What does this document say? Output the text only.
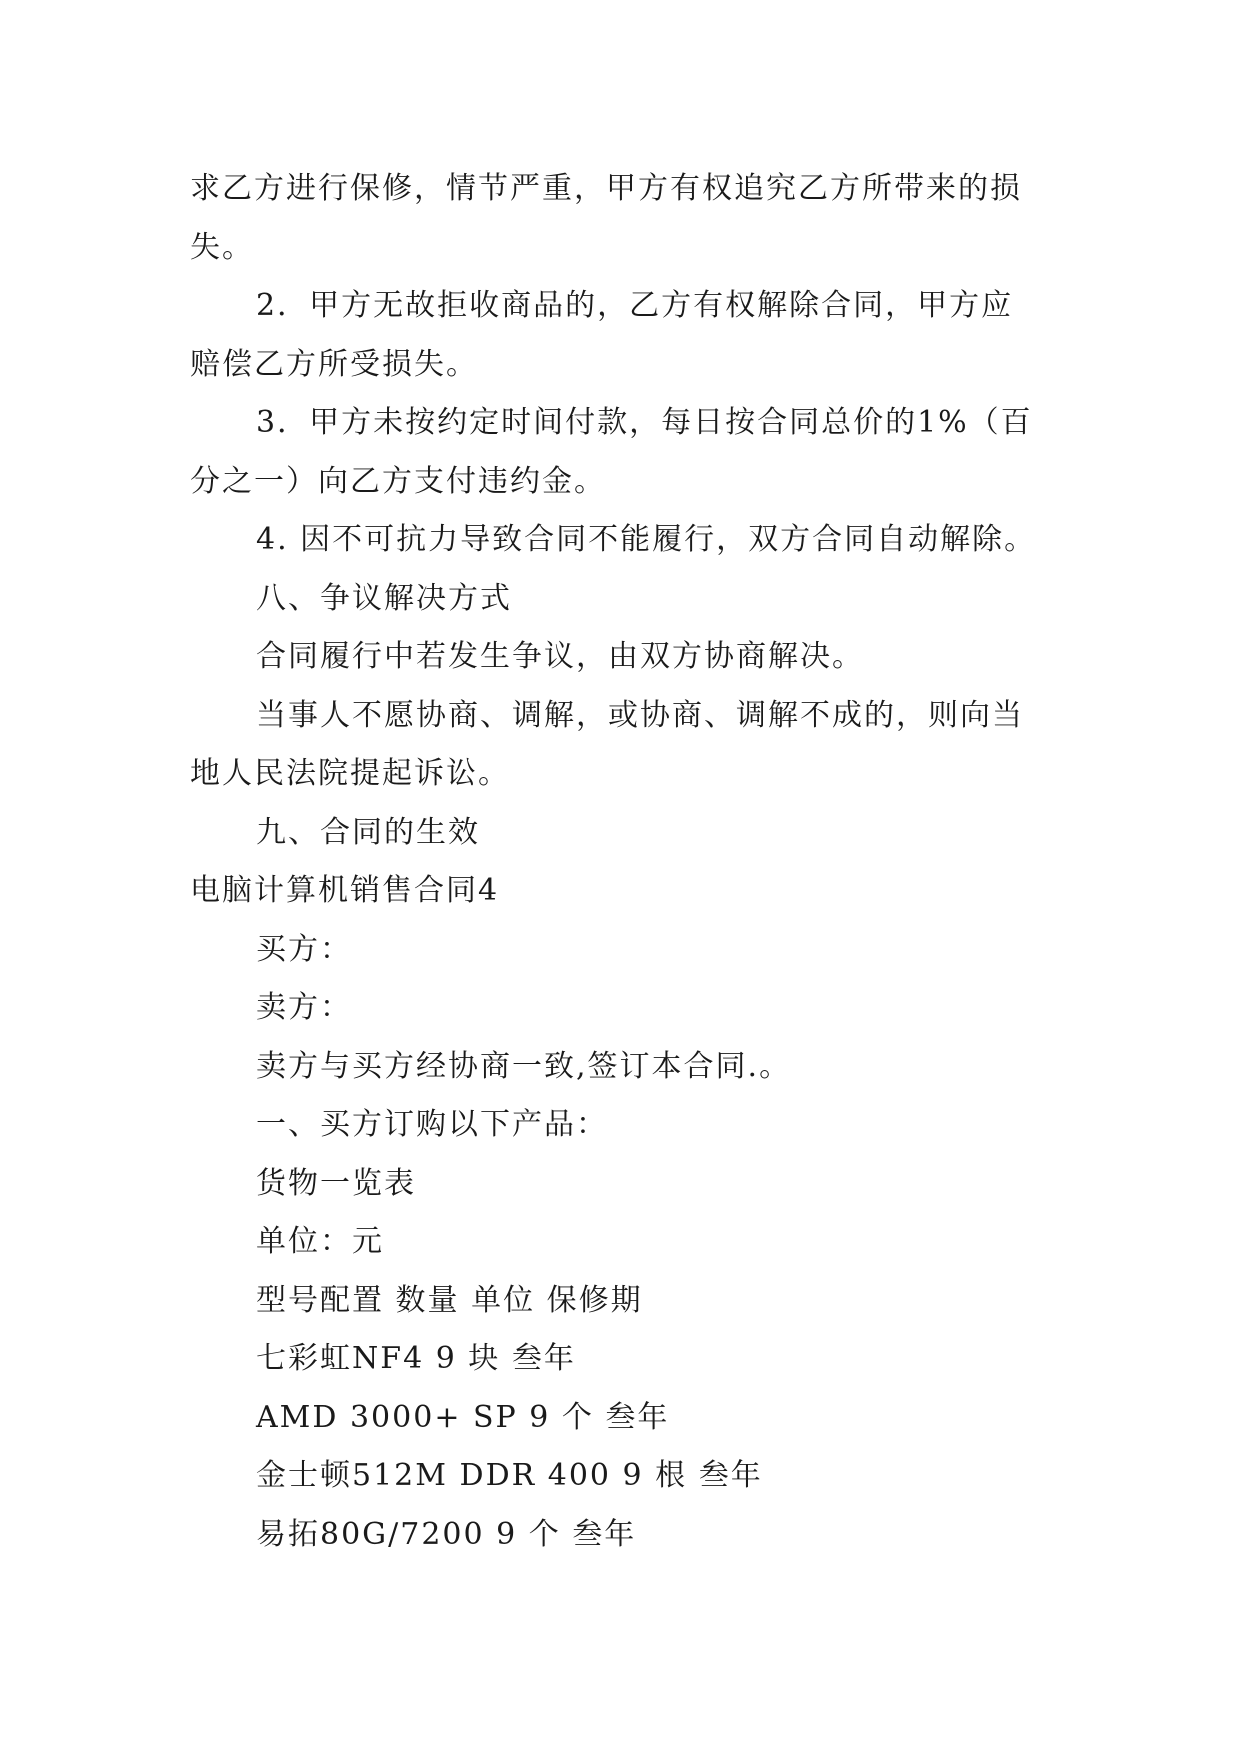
求乙方进行保修，情节严重，甲方有权追究乙方所带来的损
失。
2．甲方无故拒收商品的，乙方有权解除合同，甲方应
赔偿乙方所受损失。
3．甲方未按约定时间付款，每日按合同总价的1%（百
分之一）向乙方支付违约金。
4. 因不可抗力导致合同不能履行，双方合同自动解除。
八、争议解决方式
合同履行中若发生争议，由双方协商解决。
当事人不愿协商、调解，或协商、调解不成的，则向当
地人民法院提起诉讼。
九、合同的生效
电脑计算机销售合同4
买方：
卖方：
卖方与买方经协商一致,签订本合同.。
一、买方订购以下产品：
货物一览表
单位：元
型号配置 数量 单位 保修期
七彩虹NF4 9 块 叁年
AMD 3000+ SP 9 个 叁年
金士顿512M DDR 400 9 根 叁年
易拓80G/7200 9 个 叁年
